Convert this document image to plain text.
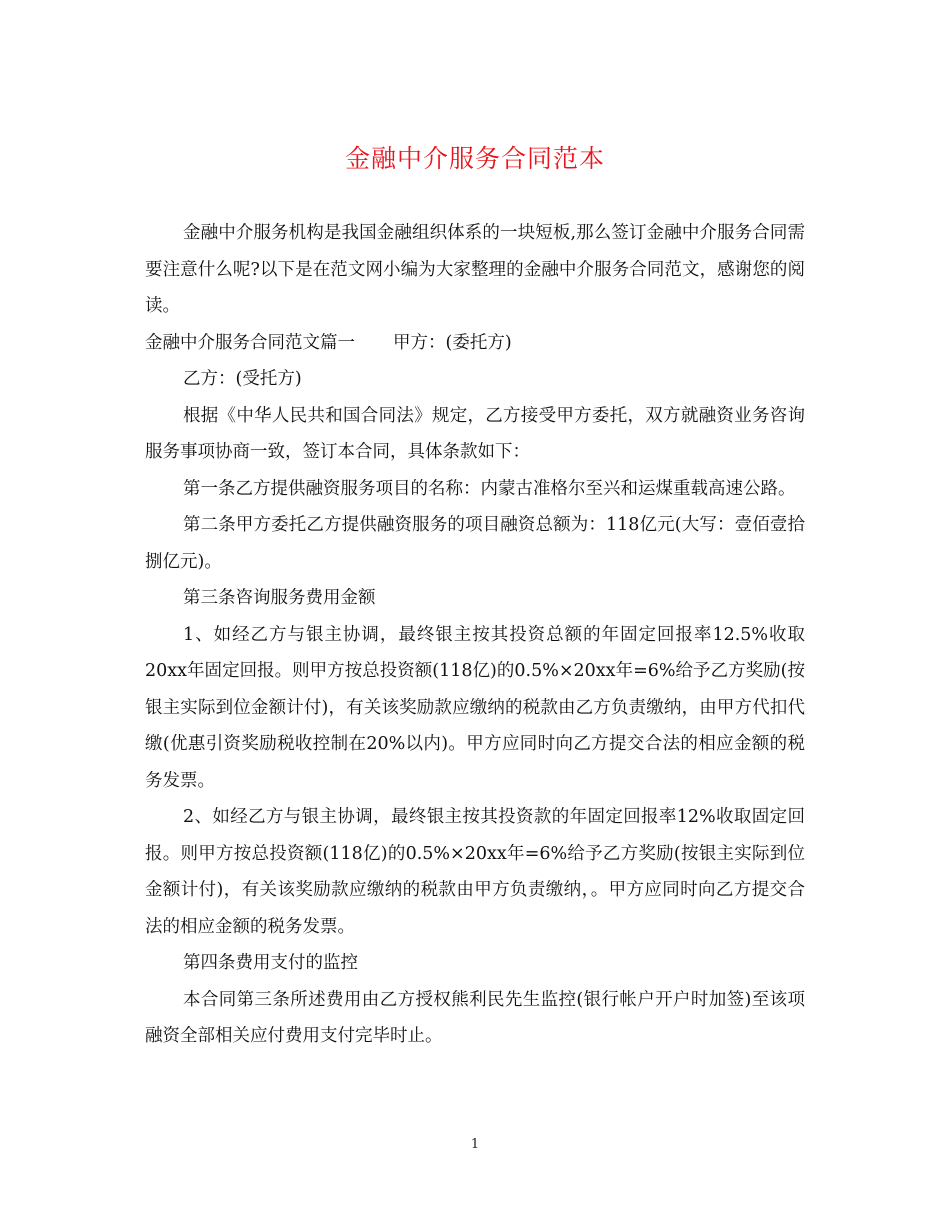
金融中介服务合同范本

金融中介服务机构是我国金融组织体系的一块短板,那么签订金融中介服务合同需要注意什么呢?以下是在范文网小编为大家整理的金融中介服务合同范文，感谢您的阅读。

金融中介服务合同范文篇一 甲方：(委托方)

乙方：(受托方)

根据《中华人民共和国合同法》规定，乙方接受甲方委托，双方就融资业务咨询服务事项协商一致，签订本合同，具体条款如下：

第一条乙方提供融资服务项目的名称：内蒙古准格尔至兴和运煤重载高速公路。

第二条甲方委托乙方提供融资服务的项目融资总额为：118亿元(大写：壹佰壹拾捌亿元)。

第三条咨询服务费用金额

1、如经乙方与银主协调，最终银主按其投资总额的年固定回报率12.5%收取20xx年固定回报。则甲方按总投资额(118亿)的0.5%×20xx年=6%给予乙方奖励(按银主实际到位金额计付)，有关该奖励款应缴纳的税款由乙方负责缴纳，由甲方代扣代缴(优惠引资奖励税收控制在20%以内)。甲方应同时向乙方提交合法的相应金额的税务发票。

2、如经乙方与银主协调，最终银主按其投资款的年固定回报率12%收取固定回报。则甲方按总投资额(118亿)的0.5%×20xx年=6%给予乙方奖励(按银主实际到位金额计付)，有关该奖励款应缴纳的税款由甲方负责缴纳，。甲方应同时向乙方提交合法的相应金额的税务发票。

第四条费用支付的监控

本合同第三条所述费用由乙方授权熊利民先生监控(银行帐户开户时加签)至该项融资全部相关应付费用支付完毕时止。

1
